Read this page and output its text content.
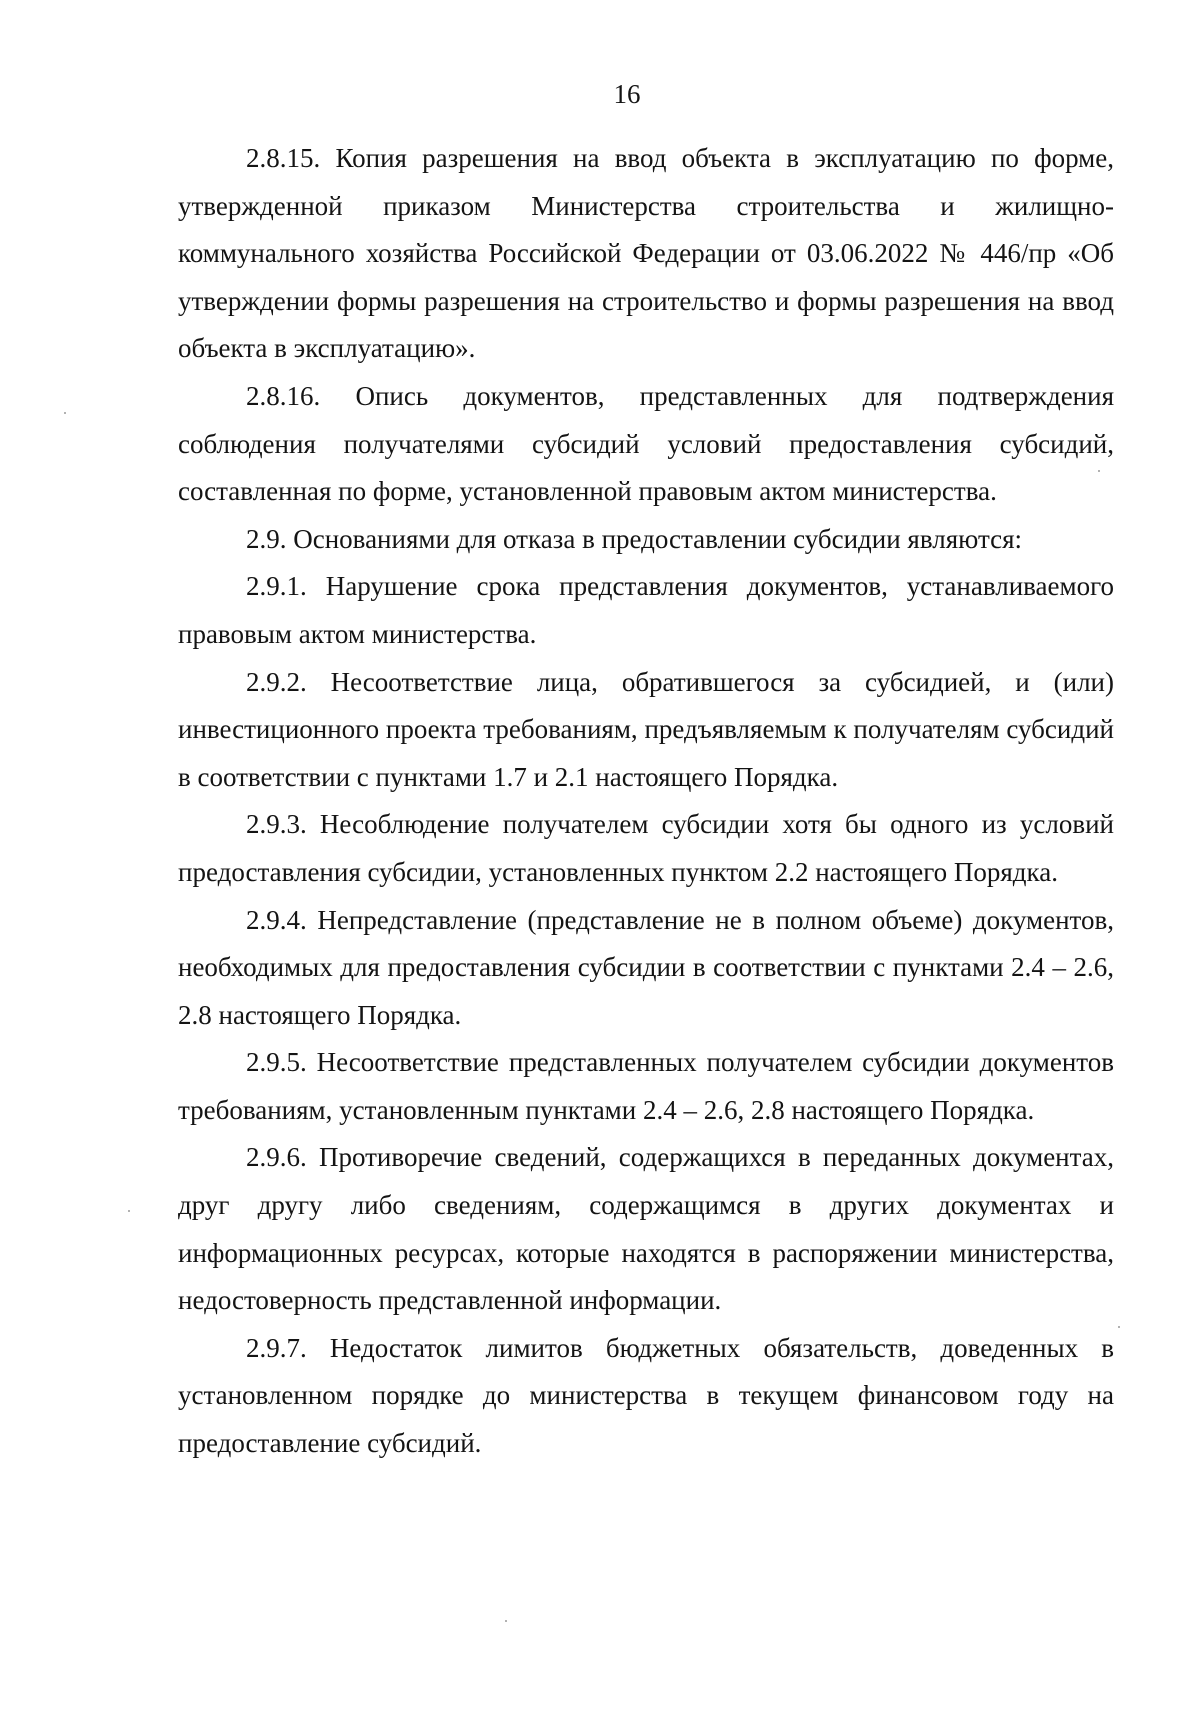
16

2.8.15. Копия разрешения на ввод объекта в эксплуатацию по форме, утвержденной приказом Министерства строительства и жилищно-коммунального хозяйства Российской Федерации от 03.06.2022 № 446/пр «Об утверждении формы разрешения на строительство и формы разрешения на ввод объекта в эксплуатацию».

2.8.16. Опись документов, представленных для подтверждения соблюдения получателями субсидий условий предоставления субсидий, составленная по форме, установленной правовым актом министерства.

2.9. Основаниями для отказа в предоставлении субсидии являются:

2.9.1. Нарушение срока представления документов, устанавливаемого правовым актом министерства.

2.9.2. Несоответствие лица, обратившегося за субсидией, и (или) инвестиционного проекта требованиям, предъявляемым к получателям субсидий в соответствии с пунктами 1.7 и 2.1 настоящего Порядка.

2.9.3. Несоблюдение получателем субсидии хотя бы одного из условий предоставления субсидии, установленных пунктом 2.2 настоящего Порядка.

2.9.4. Непредставление (представление не в полном объеме) документов, необходимых для предоставления субсидии в соответствии с пунктами 2.4 – 2.6, 2.8 настоящего Порядка.

2.9.5. Несоответствие представленных получателем субсидии документов требованиям, установленным пунктами 2.4 – 2.6, 2.8 настоящего Порядка.

2.9.6. Противоречие сведений, содержащихся в переданных документах, друг другу либо сведениям, содержащимся в других документах и информационных ресурсах, которые находятся в распоряжении министерства, недостоверность представленной информации.

2.9.7. Недостаток лимитов бюджетных обязательств, доведенных в установленном порядке до министерства в текущем финансовом году на предоставление субсидий.
